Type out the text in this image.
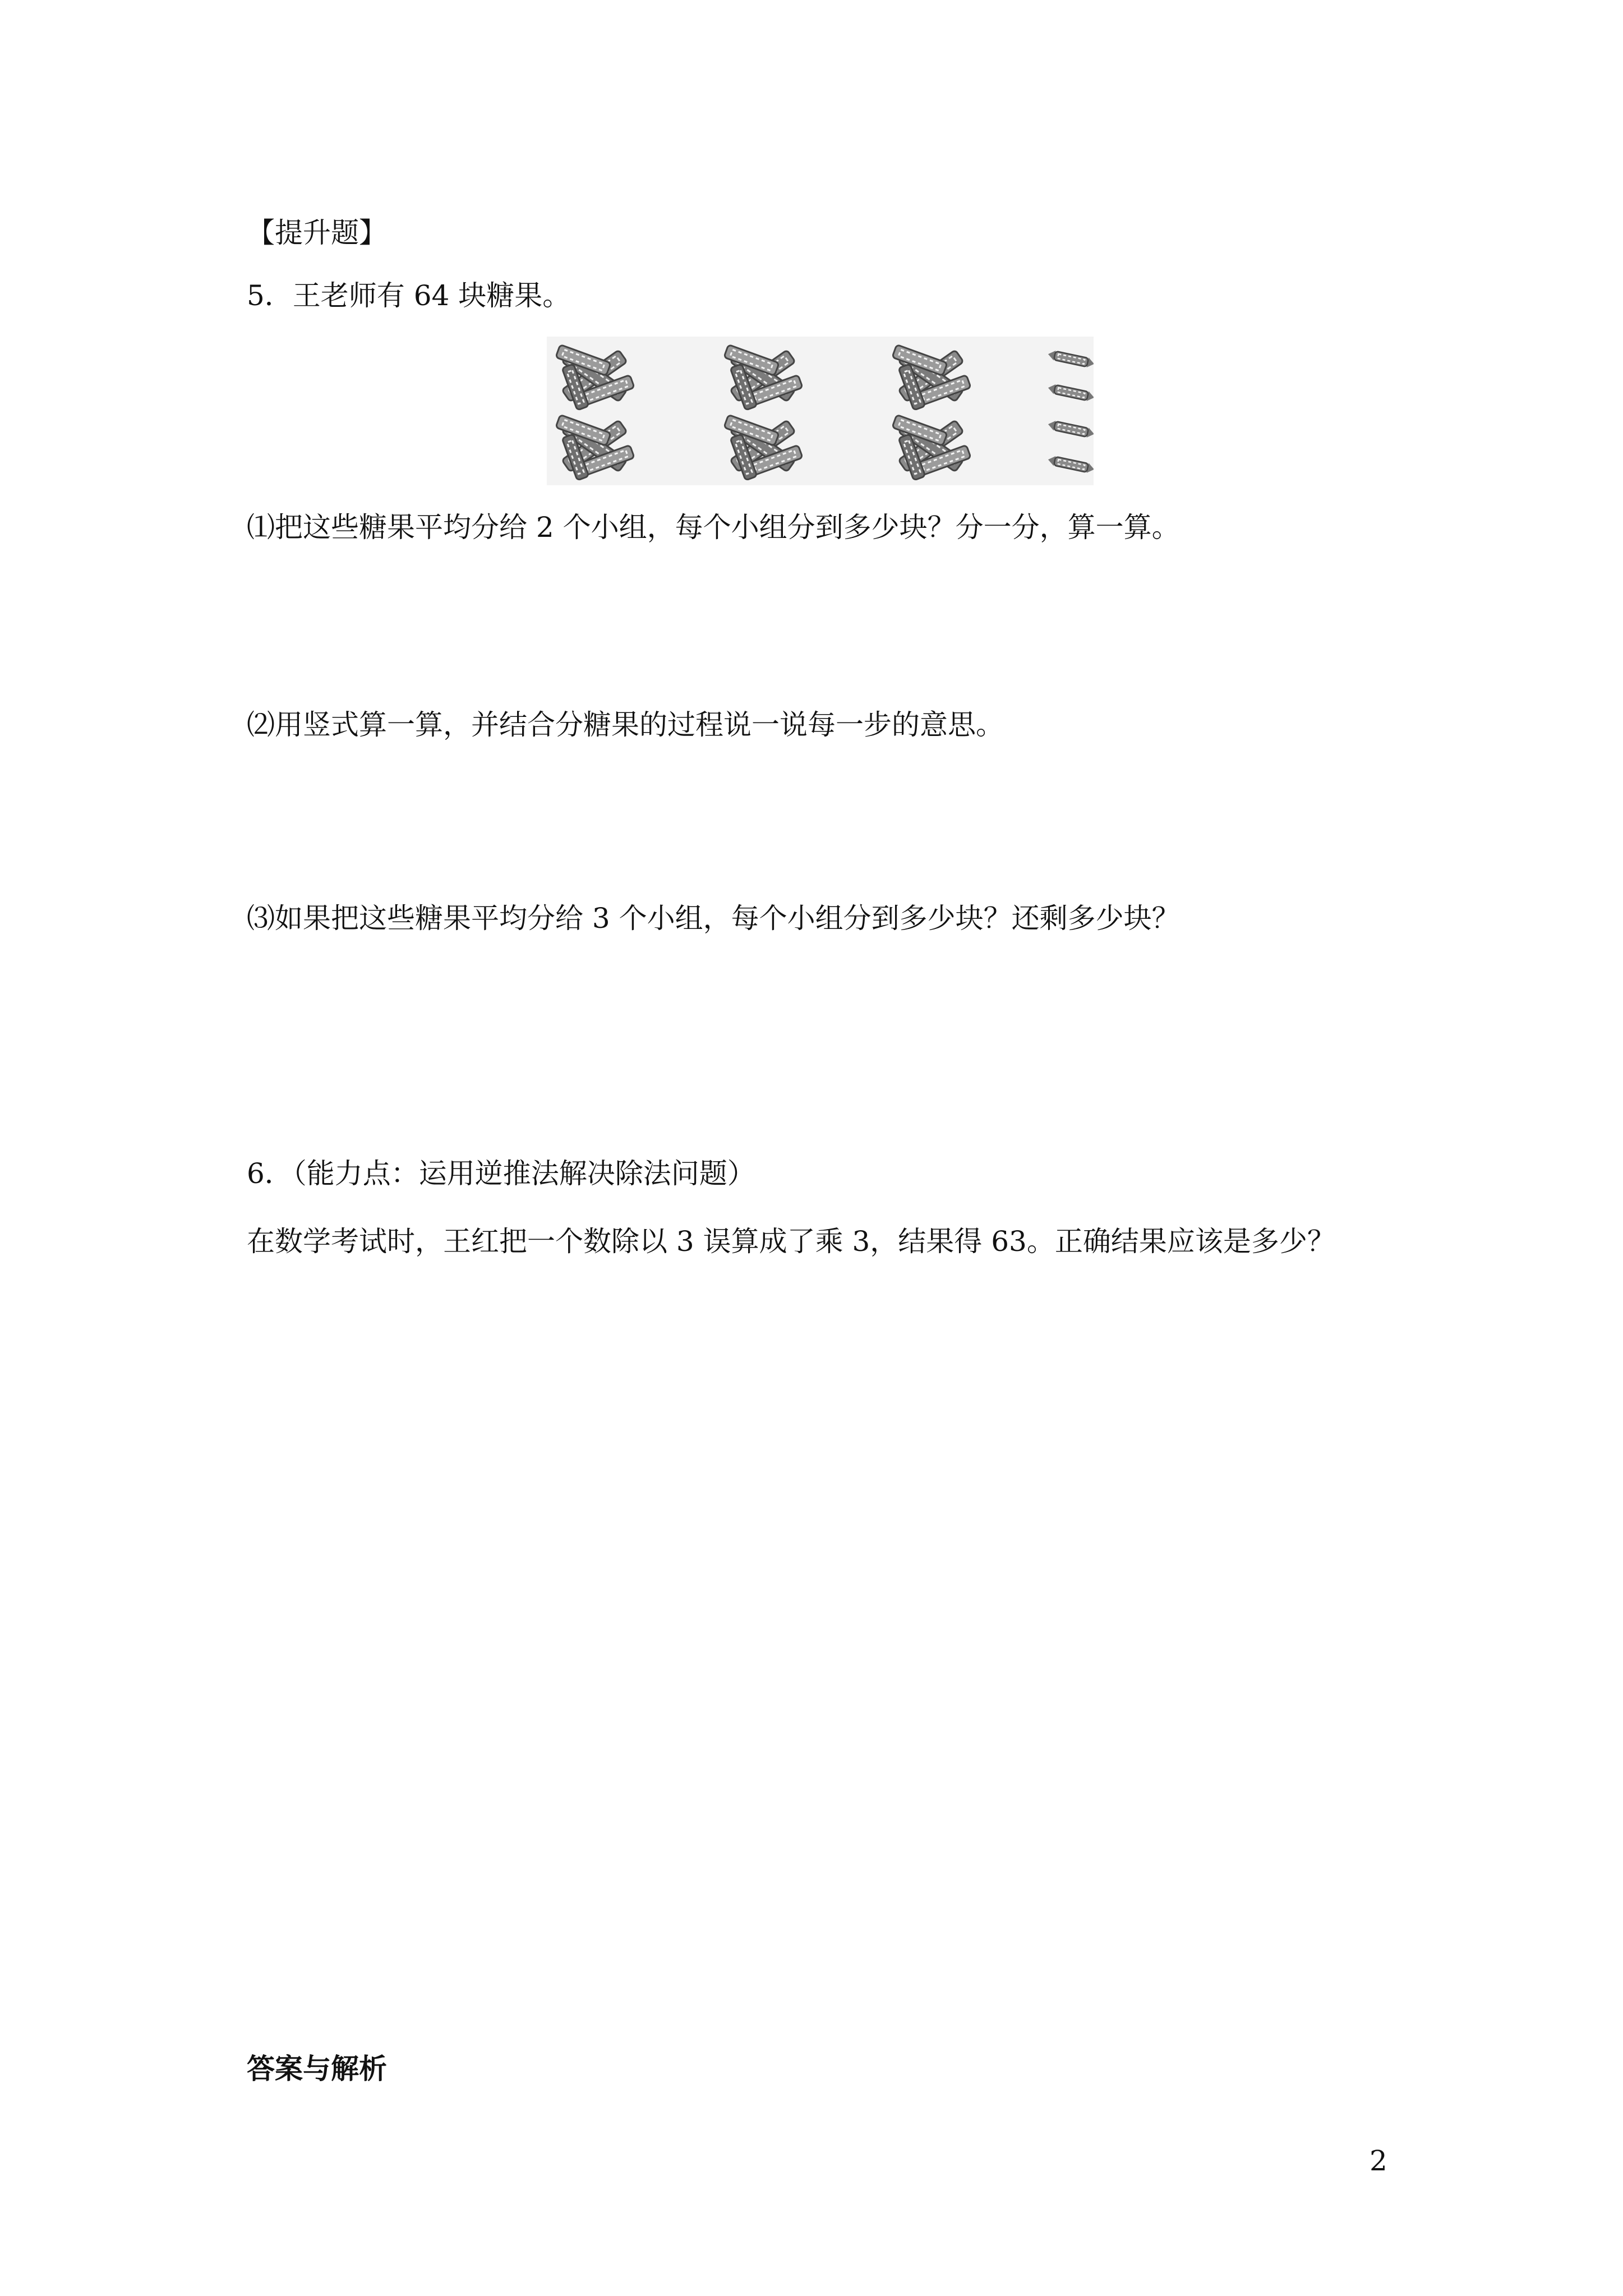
【提升题】

5．王老师有 64 块糖果。

⑴把这些糖果平均分给 2 个小组，每个小组分到多少块？分一分，算一算。

⑵用竖式算一算，并结合分糖果的过程说一说每一步的意思。

⑶如果把这些糖果平均分给 3 个小组，每个小组分到多少块？还剩多少块？

6．（能力点：运用逆推法解决除法问题）

在数学考试时，王红把一个数除以 3 误算成了乘 3，结果得 63。正确结果应该是多少？

答案与解析

2
